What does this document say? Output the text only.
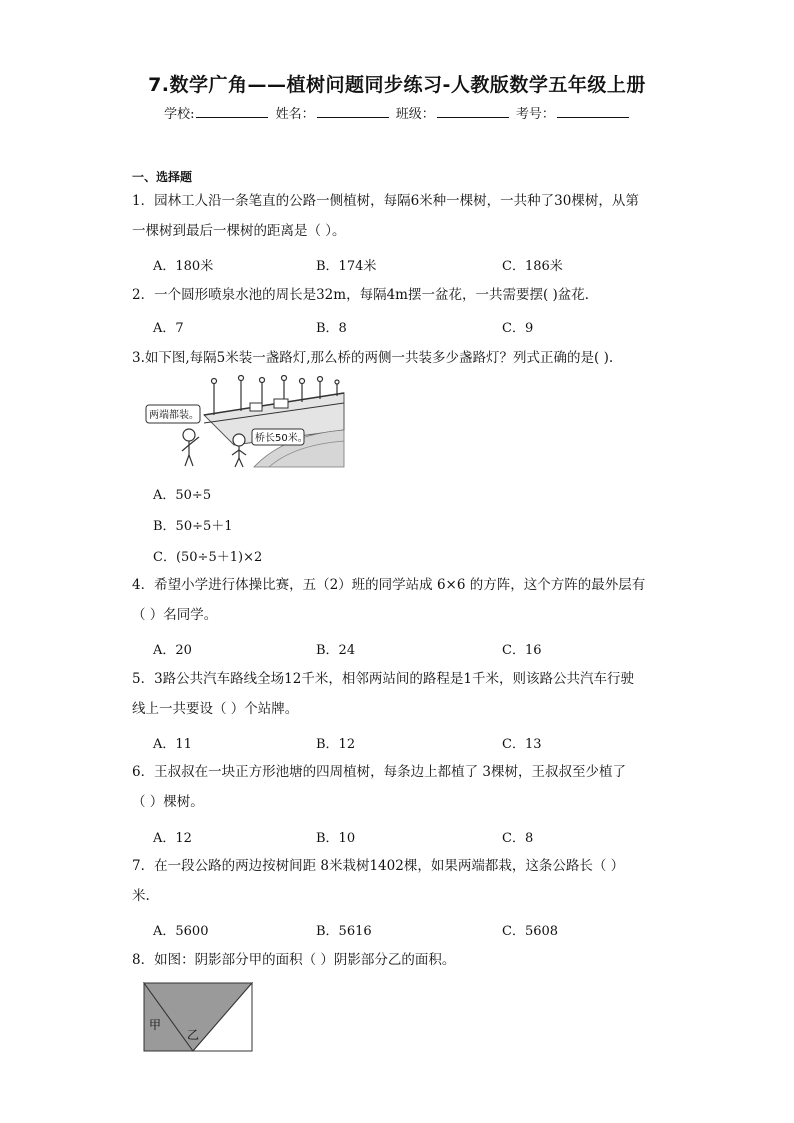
7.数学广角——植树问题同步练习-人教版数学五年级上册
学校:	姓名：	班级：	考号：
一、选择题
1．园林工人沿一条笔直的公路一侧植树，每隔6米种一棵树，一共种了30棵树，从第
一棵树到最后一棵树的距离是（ ）。
A．180米	B．174米	C．186米
2．一个圆形喷泉水池的周长是32m，每隔4m摆一盆花，一共需要摆( )盆花．
A．7	B．8	C．9
3.如下图,每隔5米装一盏路灯,那么桥的两侧一共装多少盏路灯？列式正确的是( ).
两端都装。
桥长50米。
A．50÷5
B．50÷5＋1
C．(50÷5＋1)×2
4．希望小学进行体操比赛，五（2）班的同学站成 6×6 的方阵，这个方阵的最外层有
（ ）名同学。
A．20	B．24	C．16
5．3路公共汽车路线全场12千米，相邻两站间的路程是1千米，则该路公共汽车行驶
线上一共要设（ ）个站牌。
A．11	B．12	C．13
6．王叔叔在一块正方形池塘的四周植树，每条边上都植了 3棵树，王叔叔至少植了
（ ）棵树。
A．12	B．10	C．8
7．在一段公路的两边按树间距 8米栽树1402棵，如果两端都栽，这条公路长（ ）
米.
A．5600	B．5616	C．5608
8．如图：阴影部分甲的面积（ ）阴影部分乙的面积。
甲
乙
